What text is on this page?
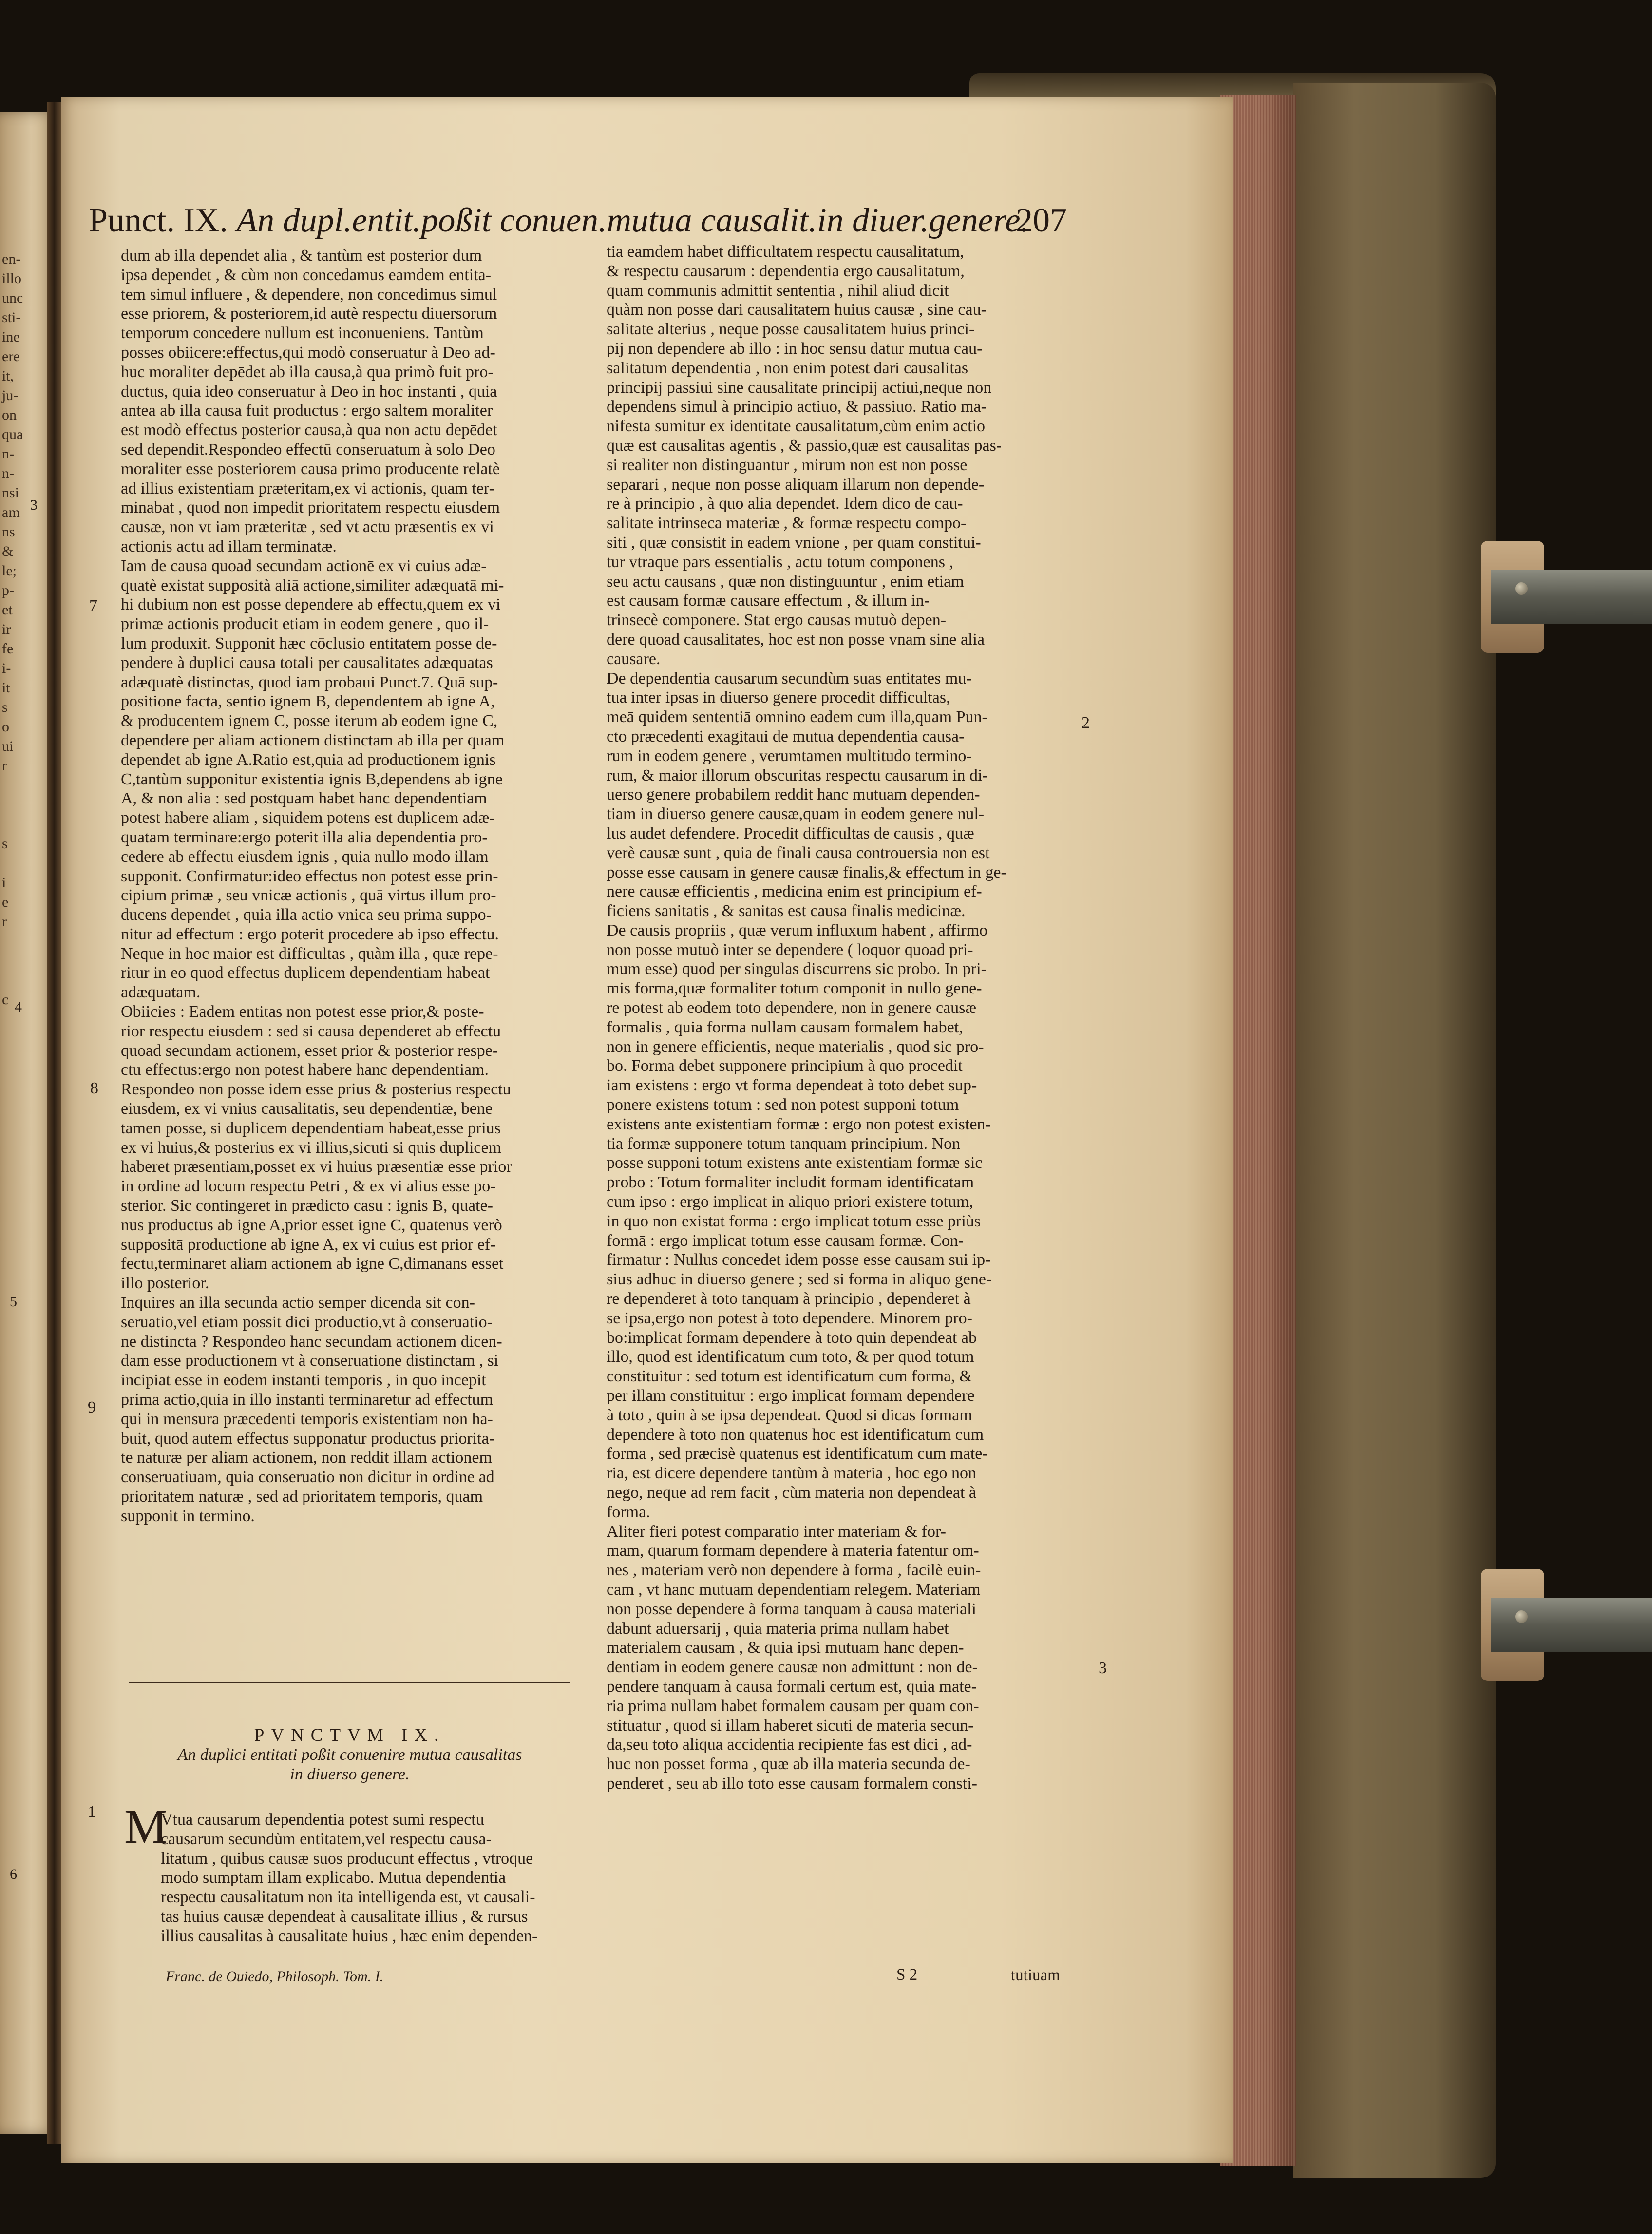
en-
illo
unc
sti-
ine
ere
it,
ju-
on
qua
n-
n-
nsi
am
ns
&
le;
p-
et
ir
fe
i-
it
s
o
ui
r
s
i
e
r
c
Punct. IX. An dupl.entit.poßit conuen.mutua causalit.in diuer.genere.
207
dum ab illa dependet alia , & tantùm est posterior dum
ipsa dependet , & cùm non concedamus eamdem entita-
tem simul influere , & dependere, non concedimus simul
esse priorem, & posteriorem,id autè respectu diuersorum
temporum concedere nullum est inconueniens. Tantùm
posses obiicere:effectus,qui modò conseruatur à Deo ad-
huc moraliter depēdet ab illa causa,à qua primò fuit pro-
ductus, quia ideo conseruatur à Deo in hoc instanti , quia
antea ab illa causa fuit productus : ergo saltem moraliter
est modò effectus posterior causa,à qua non actu depēdet
sed dependit.Respondeo effectū conseruatum à solo Deo
moraliter esse posteriorem causa primo producente relatè
ad illius existentiam præteritam,ex vi actionis, quam ter-
minabat , quod non impedit prioritatem respectu eiusdem
causæ, non vt iam præteritæ , sed vt actu præsentis ex vi
actionis actu ad illam terminatæ.
Iam de causa quoad secundam actionē ex vi cuius adæ-
quatè existat supposità aliā actione,similiter adæquatā mi-
hi dubium non est posse dependere ab effectu,quem ex vi
primæ actionis producit etiam in eodem genere , quo il-
lum produxit. Supponit hæc cōclusio entitatem posse de-
pendere à duplici causa totali per causalitates adæquatas
adæquatè distinctas, quod iam probaui Punct.7. Quā sup-
positione facta, sentio ignem B, dependentem ab igne A,
& producentem ignem C, posse iterum ab eodem igne C,
dependere per aliam actionem distinctam ab illa per quam
dependet ab igne A.Ratio est,quia ad productionem ignis
C,tantùm supponitur existentia ignis B,dependens ab igne
A, & non alia : sed postquam habet hanc dependentiam
potest habere aliam , siquidem potens est duplicem adæ-
quatam terminare:ergo poterit illa alia dependentia pro-
cedere ab effectu eiusdem ignis , quia nullo modo illam
supponit. Confirmatur:ideo effectus non potest esse prin-
cipium primæ , seu vnicæ actionis , quā virtus illum pro-
ducens dependet , quia illa actio vnica seu prima suppo-
nitur ad effectum : ergo poterit procedere ab ipso effectu.
Neque in hoc maior est difficultas , quàm illa , quæ repe-
ritur in eo quod effectus duplicem dependentiam habeat
adæquatam.
Obiicies : Eadem entitas non potest esse prior,& poste-
rior respectu eiusdem : sed si causa dependeret ab effectu
quoad secundam actionem, esset prior & posterior respe-
ctu effectus:ergo non potest habere hanc dependentiam.
Respondeo non posse idem esse prius & posterius respectu
eiusdem, ex vi vnius causalitatis, seu dependentiæ, bene
tamen posse, si duplicem dependentiam habeat,esse prius
ex vi huius,& posterius ex vi illius,sicuti si quis duplicem
haberet præsentiam,posset ex vi huius præsentiæ esse prior
in ordine ad locum respectu Petri , & ex vi alius esse po-
sterior. Sic contingeret in prædicto casu : ignis B, quate-
nus productus ab igne A,prior esset igne C, quatenus verò
suppositā productione ab igne A, ex vi cuius est prior ef-
fectu,terminaret aliam actionem ab igne C,dimanans esset
illo posterior.
Inquires an illa secunda actio semper dicenda sit con-
seruatio,vel etiam possit dici productio,vt à conseruatio-
ne distincta ? Respondeo hanc secundam actionem dicen-
dam esse productionem vt à conseruatione distinctam , si
incipiat esse in eodem instanti temporis , in quo incepit
prima actio,quia in illo instanti terminaretur ad effectum
qui in mensura præcedenti temporis existentiam non ha-
buit, quod autem effectus supponatur productus priorita-
te naturæ per aliam actionem, non reddit illam actionem
conseruatiuam, quia conseruatio non dicitur in ordine ad
prioritatem naturæ , sed ad prioritatem temporis, quam
supponit in termino.
tia eamdem habet difficultatem respectu causalitatum,
& respectu causarum : dependentia ergo causalitatum,
quam communis admittit sententia , nihil aliud dicit
quàm non posse dari causalitatem huius causæ , sine cau-
salitate alterius , neque posse causalitatem huius princi-
pij non dependere ab illo : in hoc sensu datur mutua cau-
salitatum dependentia , non enim potest dari causalitas
principij passiui sine causalitate principij actiui,neque non
dependens simul à principio actiuo, & passiuo. Ratio ma-
nifesta sumitur ex identitate causalitatum,cùm enim actio
quæ est causalitas agentis , & passio,quæ est causalitas pas-
si realiter non distinguantur , mirum non est non posse
separari , neque non posse aliquam illarum non depende-
re à principio , à quo alia dependet. Idem dico de cau-
salitate intrinseca materiæ , & formæ respectu compo-
siti , quæ consistit in eadem vnione , per quam constitui-
tur vtraque pars essentialis , actu totum componens ,
seu actu causans , quæ non distinguuntur , enim etiam
est causam formæ causare effectum , & illum in-
trinsecè componere. Stat ergo causas mutuò depen-
dere quoad causalitates, hoc est non posse vnam sine alia
causare.
De dependentia causarum secundùm suas entitates mu-
tua inter ipsas in diuerso genere procedit difficultas,
meā quidem sententiā omnino eadem cum illa,quam Pun-
cto præcedenti exagitaui de mutua dependentia causa-
rum in eodem genere , verumtamen multitudo termino-
rum, & maior illorum obscuritas respectu causarum in di-
uerso genere probabilem reddit hanc mutuam dependen-
tiam in diuerso genere causæ,quam in eodem genere nul-
lus audet defendere. Procedit difficultas de causis , quæ
verè causæ sunt , quia de finali causa controuersia non est
posse esse causam in genere causæ finalis,& effectum in ge-
nere causæ efficientis , medicina enim est principium ef-
ficiens sanitatis , & sanitas est causa finalis medicinæ.
De causis propriis , quæ verum influxum habent , affirmo
non posse mutuò inter se dependere ( loquor quoad pri-
mum esse) quod per singulas discurrens sic probo. In pri-
mis forma,quæ formaliter totum componit in nullo gene-
re potest ab eodem toto dependere, non in genere causæ
formalis , quia forma nullam causam formalem habet,
non in genere efficientis, neque materialis , quod sic pro-
bo. Forma debet supponere principium à quo procedit
iam existens : ergo vt forma dependeat à toto debet sup-
ponere existens totum : sed non potest supponi totum
existens ante existentiam formæ : ergo non potest existen-
tia formæ supponere totum tanquam principium. Non
posse supponi totum existens ante existentiam formæ sic
probo : Totum formaliter includit formam identificatam
cum ipso : ergo implicat in aliquo priori existere totum,
in quo non existat forma : ergo implicat totum esse priùs
formā : ergo implicat totum esse causam formæ. Con-
firmatur : Nullus concedet idem posse esse causam sui ip-
sius adhuc in diuerso genere ; sed si forma in aliquo gene-
re dependeret à toto tanquam à principio , dependeret à
se ipsa,ergo non potest à toto dependere. Minorem pro-
bo:implicat formam dependere à toto quin dependeat ab
illo, quod est identificatum cum toto, & per quod totum
constituitur : sed totum est identificatum cum forma, &
per illam constituitur : ergo implicat formam dependere
à toto , quin à se ipsa dependeat. Quod si dicas formam
dependere à toto non quatenus hoc est identificatum cum
forma , sed præcisè quatenus est identificatum cum mate-
ria, est dicere dependere tantùm à materia , hoc ego non
nego, neque ad rem facit , cùm materia non dependeat à
forma.
Aliter fieri potest comparatio inter materiam & for-
mam, quarum formam dependere à materia fatentur om-
nes , materiam verò non dependere à forma , facilè euin-
cam , vt hanc mutuam dependentiam relegem. Materiam
non posse dependere à forma tanquam à causa materiali
dabunt aduersarij , quia materia prima nullam habet
materialem causam , & quia ipsi mutuam hanc depen-
dentiam in eodem genere causæ non admittunt : non de-
pendere tanquam à causa formali certum est, quia mate-
ria prima nullam habet formalem causam per quam con-
stituatur , quod si illam haberet sicuti de materia secun-
da,seu toto aliqua accidentia recipiente fas est dici , ad-
huc non posset forma , quæ ab illa materia secunda de-
penderet , seu ab illo toto esse causam formalem consti-
PVNCTVM IX.
An duplici entitati poßit conuenire mutua causalitas
in diuerso genere.
M
Vtua causarum dependentia potest sumi respectu
causarum secundùm entitatem,vel respectu causa-
litatum , quibus causæ suos producunt effectus , vtroque
modo sumptam illam explicabo. Mutua dependentia
respectu causalitatum non ita intelligenda est, vt causali-
tas huius causæ dependeat à causalitate illius , & rursus
illius causalitas à causalitate huius , hæc enim dependen-
7
8
9
1
2
3
3
4
5
6
Franc. de Ouiedo, Philosoph. Tom. I.	S 2	tutiuam
